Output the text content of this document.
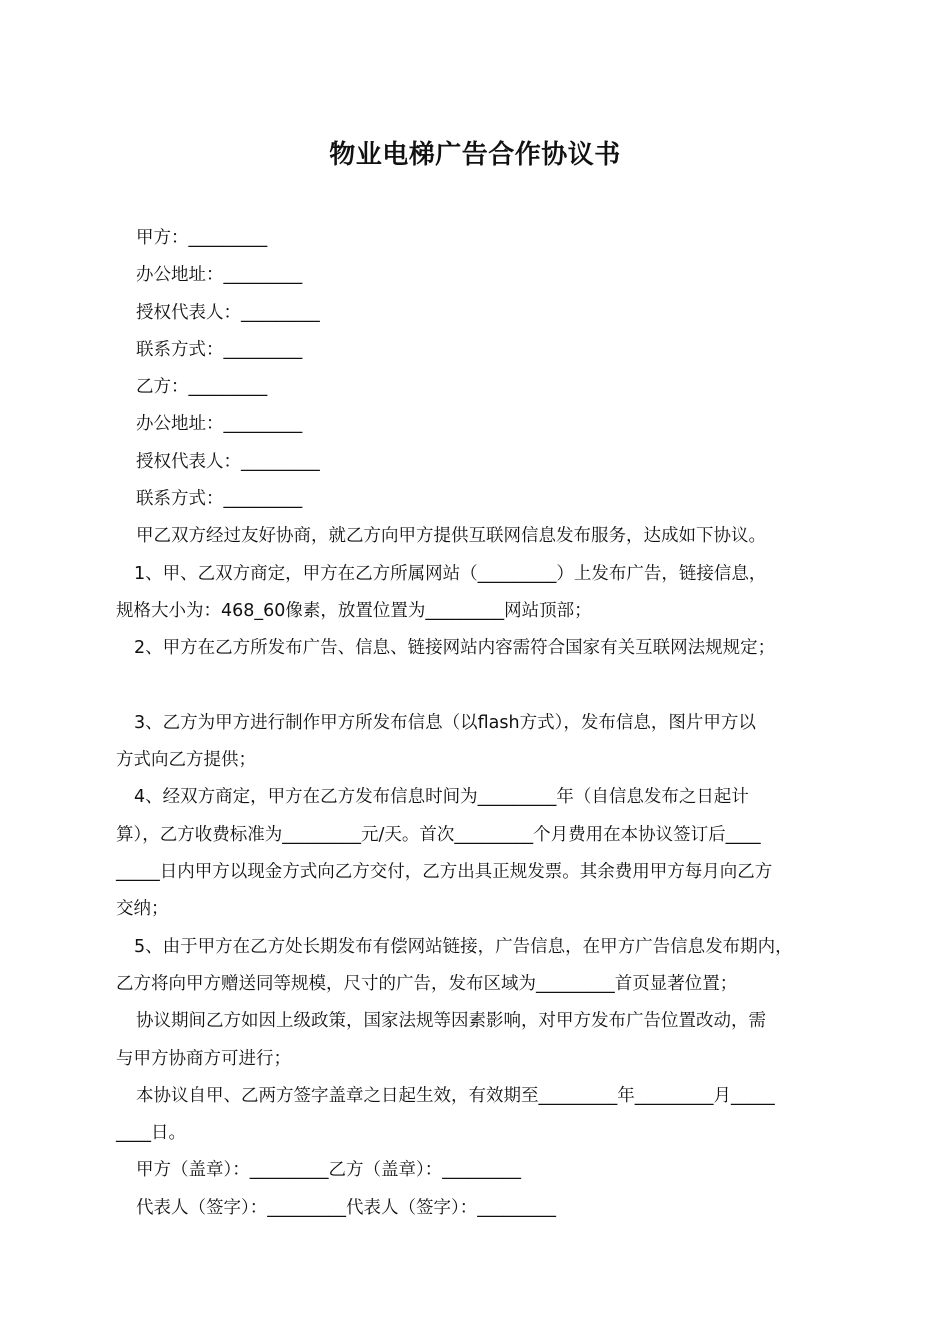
物业电梯广告合作协议书
甲方：_________
办公地址：_________
授权代表人：_________
联系方式：_________
乙方：_________
办公地址：_________
授权代表人：_________
联系方式：_________
甲乙双方经过友好协商，就乙方向甲方提供互联网信息发布服务，达成如下协议。
1、甲、乙双方商定，甲方在乙方所属网站（_________）上发布广告，链接信息，
规格大小为：468_60像素，放置位置为_________网站顶部；
2、甲方在乙方所发布广告、信息、链接网站内容需符合国家有关互联网法规规定；
3、乙方为甲方进行制作甲方所发布信息（以flash方式），发布信息，图片甲方以
方式向乙方提供；
4、经双方商定，甲方在乙方发布信息时间为_________年（自信息发布之日起计
算），乙方收费标准为_________元/天。首次_________个月费用在本协议签订后____
_____日内甲方以现金方式向乙方交付，乙方出具正规发票。其余费用甲方每月向乙方
交纳；
5、由于甲方在乙方处长期发布有偿网站链接，广告信息，在甲方广告信息发布期内，
乙方将向甲方赠送同等规模，尺寸的广告，发布区域为_________首页显著位置；
协议期间乙方如因上级政策，国家法规等因素影响，对甲方发布广告位置改动，需
与甲方协商方可进行；
本协议自甲、乙两方签字盖章之日起生效，有效期至_________年_________月_____
____日。
甲方（盖章）：_________乙方（盖章）：_________
代表人（签字）：_________代表人（签字）：_________
